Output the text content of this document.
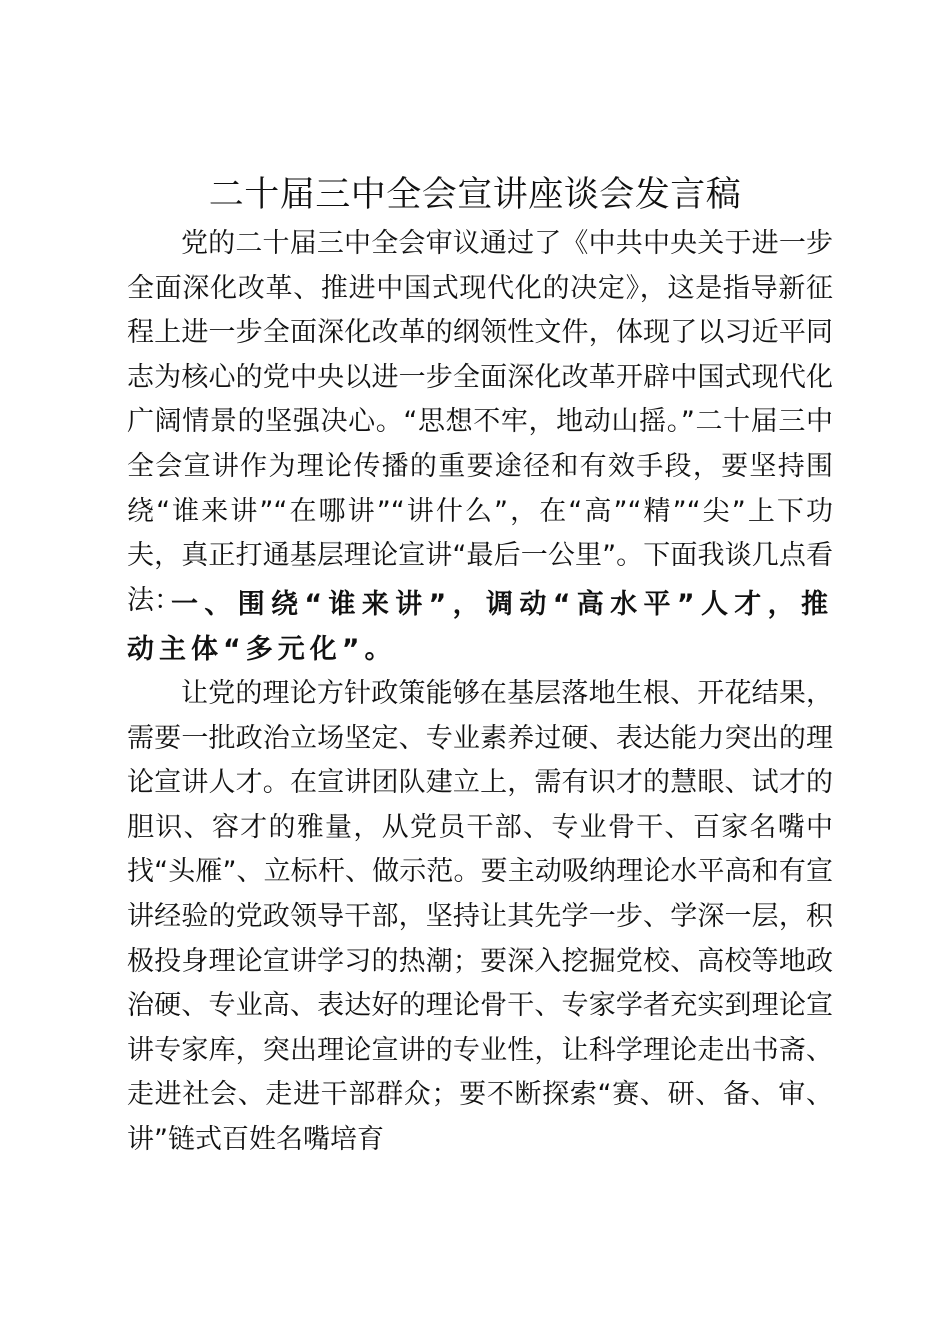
二十届三中全会宣讲座谈会发言稿

党的二十届三中全会审议通过了《中共中央关于进一步全面深化改革、推进中国式现代化的决定》，这是指导新征程上进一步全面深化改革的纲领性文件，体现了以习近平同志为核心的党中央以进一步全面深化改革开辟中国式现代化广阔情景的坚强决心。“思想不牢，地动山摇。”二十届三中全会宣讲作为理论传播的重要途径和有效手段，要坚持围绕“谁来讲”“在哪讲”“讲什么”，在“高”“精”“尖”上下功夫，真正打通基层理论宣讲“最后一公里”。下面我谈几点看法：

一、围绕“谁来讲”，调动“高水平”人才，推动主体“多元化”。

让党的理论方针政策能够在基层落地生根、开花结果，需要一批政治立场坚定、专业素养过硬、表达能力突出的理论宣讲人才。在宣讲团队建立上，需有识才的慧眼、试才的胆识、容才的雅量，从党员干部、专业骨干、百家名嘴中找“头雁”、立标杆、做示范。要主动吸纳理论水平高和有宣讲经验的党政领导干部，坚持让其先学一步、学深一层，积极投身理论宣讲学习的热潮；要深入挖掘党校、高校等地政治硬、专业高、表达好的理论骨干、专家学者充实到理论宣讲专家库，突出理论宣讲的专业性，让科学理论走出书斋、走进社会、走进干部群众；要不断探索“赛、研、备、审、讲”链式百姓名嘴培育
